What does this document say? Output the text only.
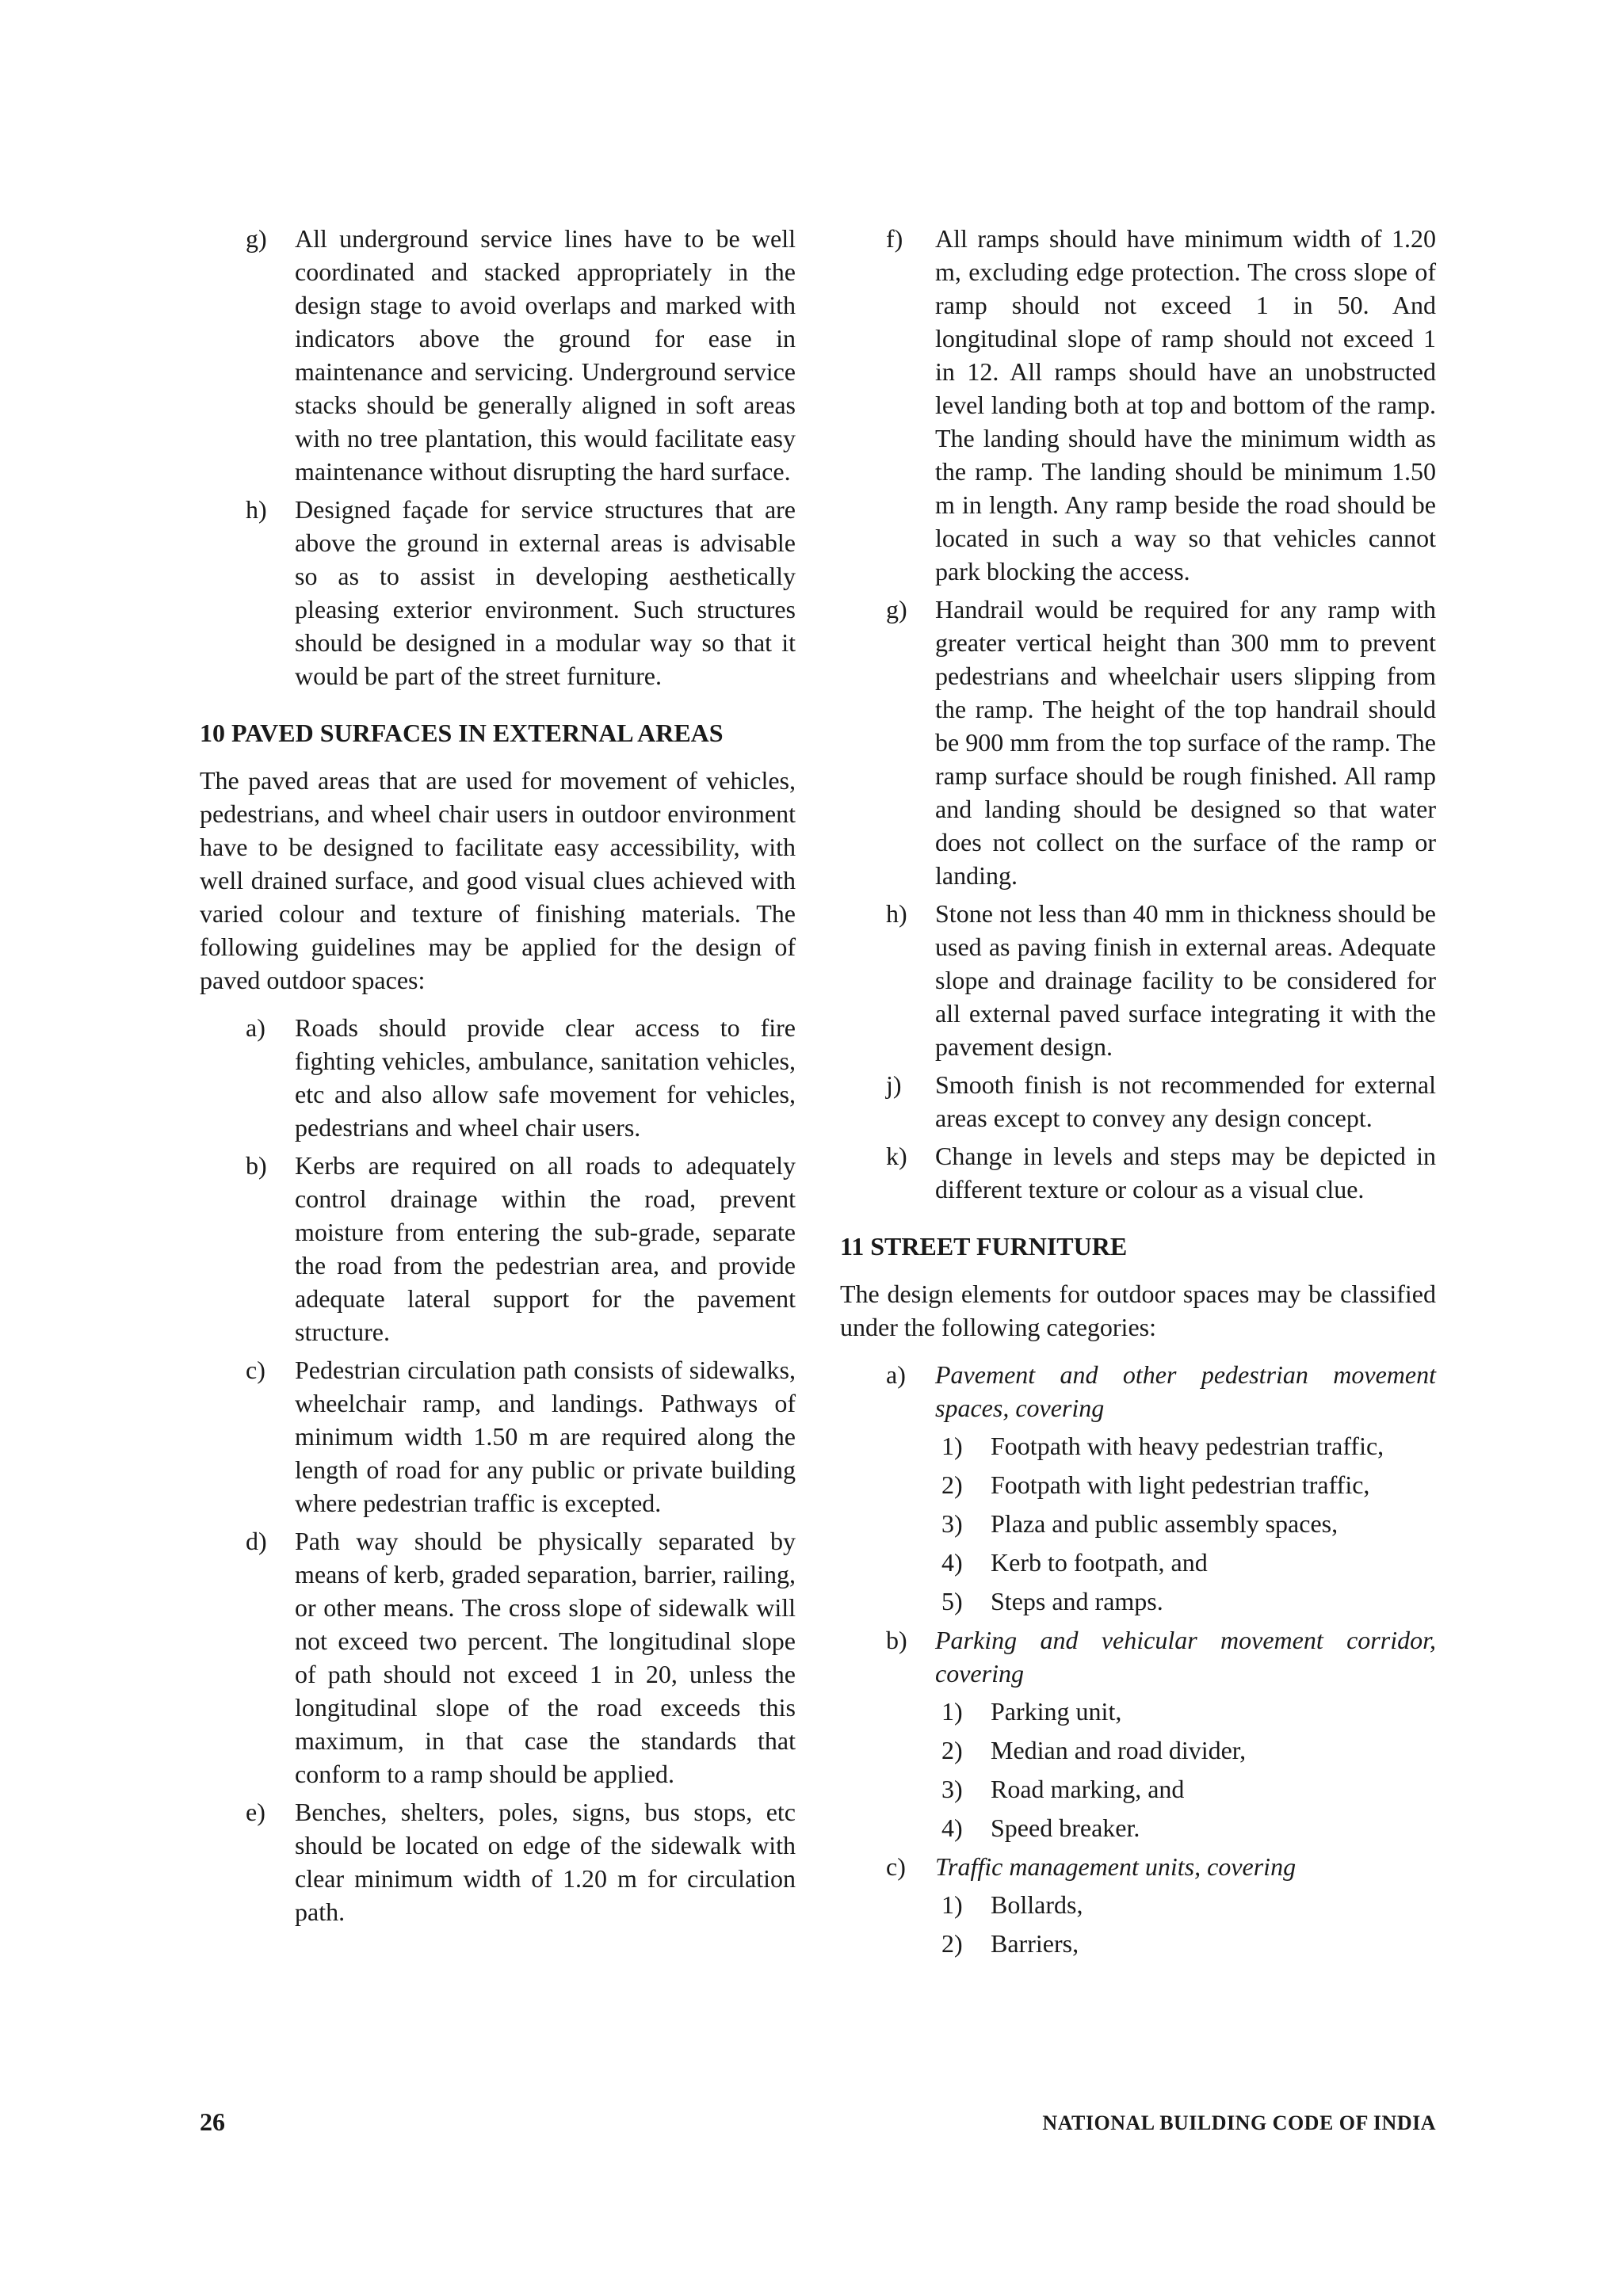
g)	All underground service lines have to be well coordinated and stacked appropriately in the design stage to avoid overlaps and marked with indicators above the ground for ease in maintenance and servicing. Underground service stacks should be generally aligned in soft areas with no tree plantation, this would facilitate easy maintenance without disrupting the hard surface.
h)	Designed façade for service structures that are above the ground in external areas is advisable so as to assist in developing aesthetically pleasing exterior environment. Such structures should be designed in a modular way so that it would be part of the street furniture.
10 PAVED SURFACES IN EXTERNAL AREAS

The paved areas that are used for movement of vehicles, pedestrians, and wheel chair users in outdoor environment have to be designed to facilitate easy accessibility, with well drained surface, and good visual clues achieved with varied colour and texture of finishing materials. The following guidelines may be applied for the design of paved outdoor spaces:

a)	Roads should provide clear access to fire fighting vehicles, ambulance, sanitation vehicles, etc and also allow safe movement for vehicles, pedestrians and wheel chair users.
b)	Kerbs are required on all roads to adequately control drainage within the road, prevent moisture from entering the sub-grade, separate the road from the pedestrian area, and provide adequate lateral support for the pavement structure.
c)	Pedestrian circulation path consists of sidewalks, wheelchair ramp, and landings. Pathways of minimum width 1.50 m are required along the length of road for any public or private building where pedestrian traffic is excepted.
d)	Path way should be physically separated by means of kerb, graded separation, barrier, railing, or other means. The cross slope of sidewalk will not exceed two percent. The longitudinal slope of path should not exceed 1 in 20, unless the longitudinal slope of the road exceeds this maximum, in that case the standards that conform to a ramp should be applied.
e)	Benches, shelters, poles, signs, bus stops, etc should be located on edge of the sidewalk with clear minimum width of 1.20 m for circulation path.
f)	All ramps should have minimum width of 1.20 m, excluding edge protection. The cross slope of ramp should not exceed 1 in 50. And longitudinal slope of ramp should not exceed 1 in 12. All ramps should have an unobstructed level landing both at top and bottom of the ramp. The landing should have the minimum width as the ramp. The landing should be minimum 1.50 m in length. Any ramp beside the road should be located in such a way so that vehicles cannot park blocking the access.
g)	Handrail would be required for any ramp with greater vertical height than 300 mm to prevent pedestrians and wheelchair users slipping from the ramp. The height of the top handrail should be 900 mm from the top surface of the ramp. The ramp surface should be rough finished. All ramp and landing should be designed so that water does not collect on the surface of the ramp or landing.
h)	Stone not less than 40 mm in thickness should be used as paving finish in external areas. Adequate slope and drainage facility to be considered for all external paved surface integrating it with the pavement design.
j)	Smooth finish is not recommended for external areas except to convey any design concept.
k)	Change in levels and steps may be depicted in different texture or colour as a visual clue.
11 STREET FURNITURE

The design elements for outdoor spaces may be classified under the following categories:

a)	Pavement and other pedestrian movement spaces, covering
1)	Footpath with heavy pedestrian traffic,
2)	Footpath with light pedestrian traffic,
3)	Plaza and public assembly spaces,
4)	Kerb to footpath, and
5)	Steps and ramps.
b)	Parking and vehicular movement corridor, covering
1)	Parking unit,
2)	Median and road divider,
3)	Road marking, and
4)	Speed breaker.
c)	Traffic management units, covering
1)	Bollards,
2)	Barriers,
26	NATIONAL BUILDING CODE OF INDIA
